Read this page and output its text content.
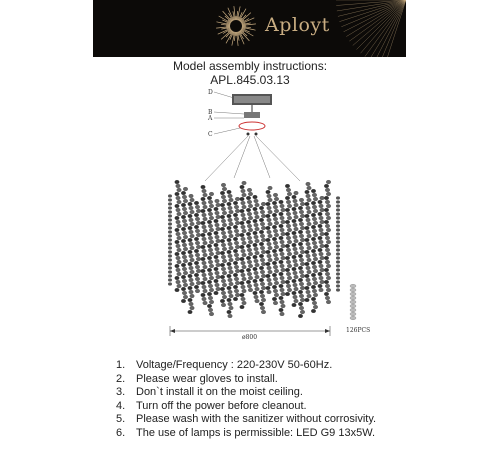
Aployt
Model assembly instructions:
APL.845.03.13
D
B
A
C
ø800
126PCS
1. Voltage/Frequency : 220-230V 50-60Hz.
2. Please wear gloves to install.
3. Don`t install it on the moist ceiling.
4. Turn off the power before cleanout.
5. Please wash with the sanitizer without corrosivity.
6. The use of lamps is permissible: LED G9 13x5W.
